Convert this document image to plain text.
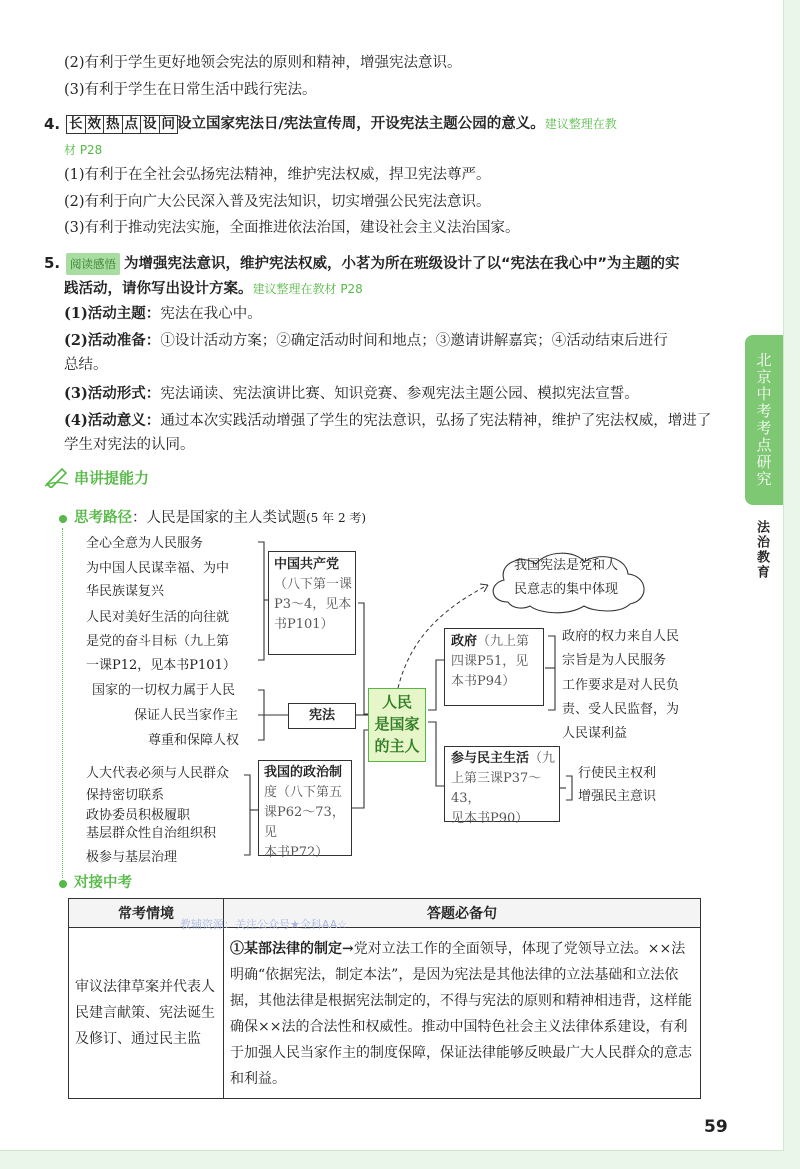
(2)有利于学生更好地领会宪法的原则和精神，增强宪法意识。
(3)有利于学生在日常生活中践行宪法。
4. 长 效 热 点 设 问 设立国家宪法日/宪法宣传周，开设宪法主题公园的意义。建议整理在教
材 P28
(1)有利于在全社会弘扬宪法精神，维护宪法权威，捍卫宪法尊严。
(2)有利于向广大公民深入普及宪法知识，切实增强公民宪法意识。
(3)有利于推动宪法实施，全面推进依法治国，建设社会主义法治国家。
5. 阅读感悟 为增强宪法意识，维护宪法权威，小茗为所在班级设计了以“宪法在我心中”为主题的实
践活动，请你写出设计方案。建议整理在教材 P28
(1)活动主题：宪法在我心中。
(2)活动准备：①设计活动方案；②确定活动时间和地点；③邀请讲解嘉宾；④活动结束后进行
总结。
(3)活动形式：宪法诵读、宪法演讲比赛、知识竞赛、参观宪法主题公园、模拟宪法宣誓。
(4)活动意义：通过本次实践活动增强了学生的宪法意识，弘扬了宪法精神，维护了宪法权威，增进了
学生对宪法的认同。
串讲提能力
思考路径：人民是国家的主人类试题(5 年 2 考)
全心全意为人民服务
为中国人民谋幸福、为中
华民族谋复兴
人民对美好生活的向往就
是党的奋斗目标（九上第
一课P12，见本书P101）
中国共产党
（八下第一课
P3～4，见本
书P101）
国家的一切权力属于人民
保证人民当家作主
尊重和保障人权
宪法
人民
是国家
的主人
人大代表必须与人民群众
保持密切联系
政协委员积极履职
基层群众性自治组织积
极参与基层治理
我国的政治制
度（八下第五
课P62～73，见
本书P72）
我国宪法是党和人
民意志的集中体现
政府（九上第
四课P51，见
本书P94）
政府的权力来自人民
宗旨是为人民服务
工作要求是对人民负
责、受人民监督，为
人民谋利益
参与民主生活（九
上第三课P37～43，
见本书P90）
行使民主权利
增强民主意识
对接中考
常考情境	答题必备句
审议法律草案并代表人民建言献策、宪法诞生及修订、通过民主监	①某部法律的制定→党对立法工作的全面领导，体现了党领导立法。××法明确“依据宪法，制定本法”，是因为宪法是其他法律的立法基础和立法依据，其他法律是根据宪法制定的，不得与宪法的原则和精神相违背，这样能确保××法的合法性和权威性。推动中国特色社会主义法律体系建设，有利于加强人民当家作主的制度保障，保证法律能够反映最广大人民群众的意志和利益。
教辅资源：关注公众号★全科AA☆
59
北京中考考点研究
法治教育
